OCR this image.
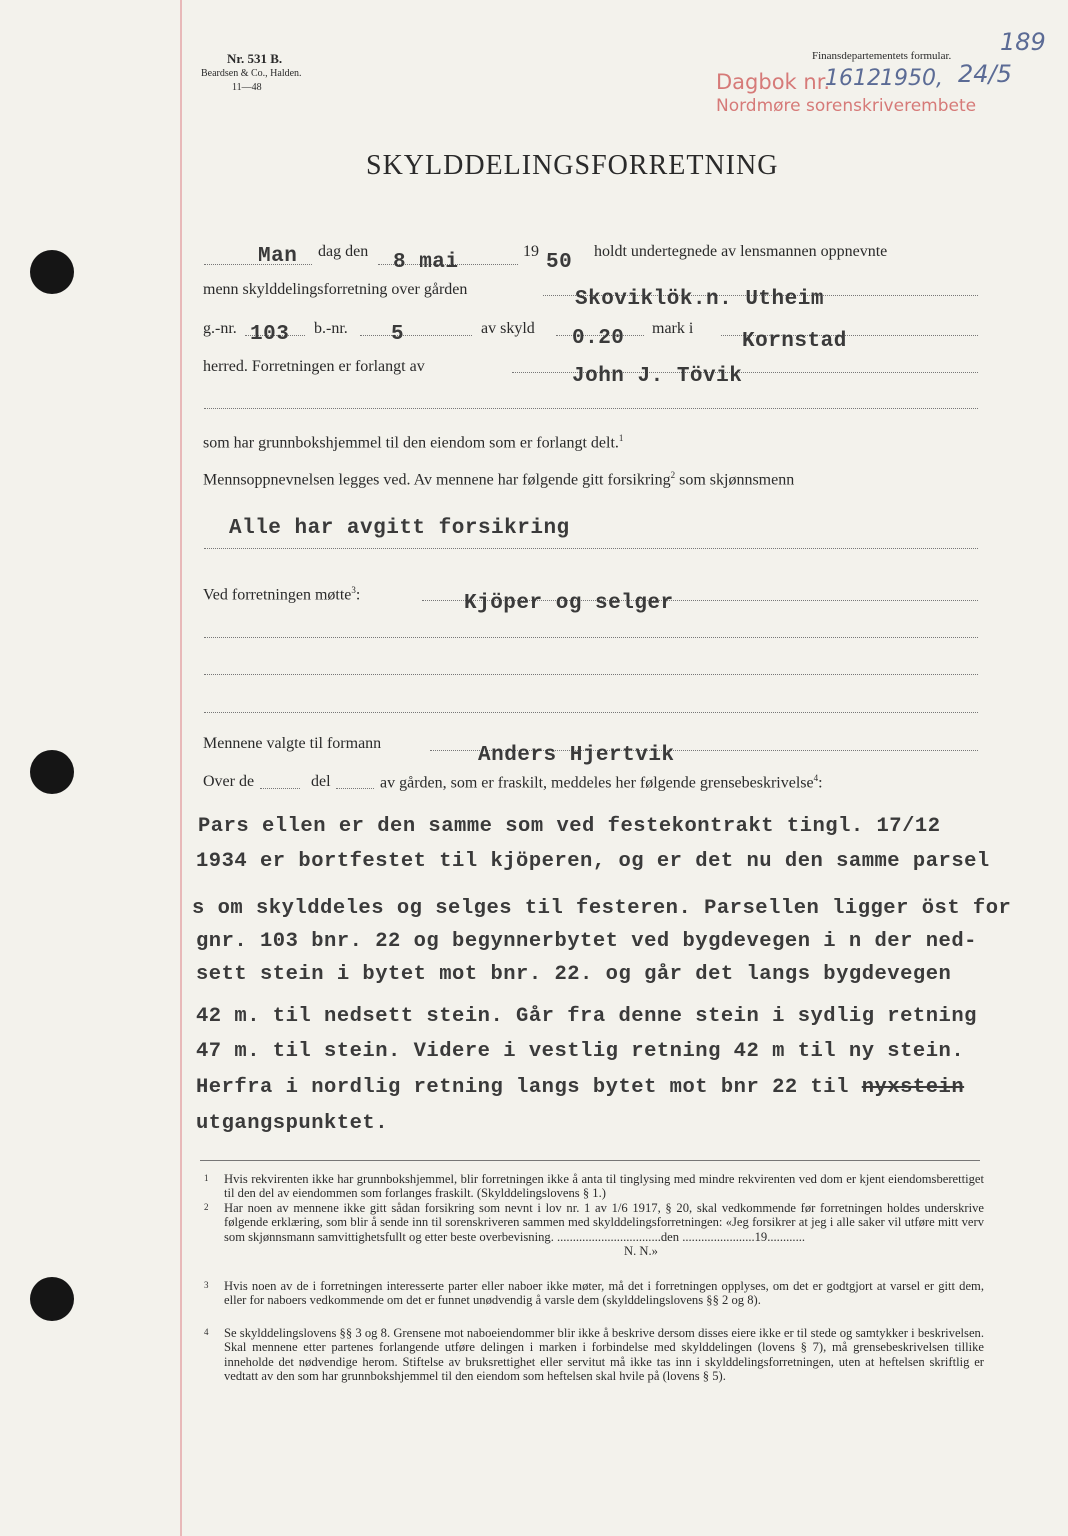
Nr. 531 B.
Beardsen & Co., Halden.
11—48
Finansdepartementets formular. 189
Dagbok nr.
1612 1950, 24/5
Nordmøre sorenskriverembete
SKYLDDELINGSFORRETNING
Man dag den 8 mai	19 50 holdt undertegnede av lensmannen oppnevnte
menn skylddelingsforretning over gården	Skoviklök.n. Utheim
g.-nr. 103 b.-nr. 5	av skyld 0.20 mark i
Kornstad
herred. Forretningen er forlangt av	John J. Tövik
som har grunnbokshjemmel til den eiendom som er forlangt delt.$^1$
Mennsoppnevnelsen legges ved. Av mennene har følgende gitt forsikring$^2$ som skjønnsmenn
Alle har avgitt forsikring
Ved forretningen møtte$^3$:	Kjöper og selger
Mennene valgte til formann
Anders Hjertvik
Over de	del	av gården, som er fraskilt, meddeles her følgende grensebeskrivelse$^4$:
Pars ellen er den samme som ved festekontrakt tingl. 17/12
1934 er bortfestet til kjöperen, og er det nu den samme parsel
s om skylddeles og selges til festeren. Parsellen ligger öst for
gnr. 103 bnr. 22 og begynnerbytet ved bygdevegen i n der ned-
sett stein i bytet mot bnr. 22. og går det langs bygdevegen
42 m. til nedsett stein. Går fra denne stein i sydlig retning
47 m. til stein. Videre i vestlig retning 42 m til ny stein.
Herfra i nordlig retning langs bytet mot bnr 22 til nyxstein
utgangspunktet.
1	Hvis rekvirenten ikke har grunnbokshjemmel, blir forretningen ikke å anta til tinglysing med mindre rekvirenten ved dom er kjent eiendomsberettiget til den del av eiendommen som forlanges fraskilt. (Skylddelingslovens § 1.)
2	Har noen av mennene ikke gitt sådan forsikring som nevnt i lov nr. 1 av 1/6 1917, § 20, skal vedkommende før forretningen holdes underskrive følgende erklæring, som blir å sende inn til sorenskriveren sammen med skylddelingsforretningen: «Jeg forsikrer at jeg i alle saker vil utføre mitt verv som skjønnsmann samvittighetsfullt og etter beste overbevisning. .................................den .......................19............
N. N.»
3	Hvis noen av de i forretningen interesserte parter eller naboer ikke møter, må det i forretningen opplyses, om det er godtgjort at varsel er gitt dem, eller for naboers vedkommende om det er funnet unødvendig å varsle dem (skylddelingslovens §§ 2 og 8).
4	Se skylddelingslovens §§ 3 og 8. Grensene mot naboeiendommer blir ikke å beskrive dersom disses eiere ikke er til stede og samtykker i beskrivelsen. Skal mennene etter partenes forlangende utføre delingen i marken i forbindelse med skylddelingen (lovens § 7), må grensebeskrivelsen tillike inneholde det nødvendige herom. Stiftelse av bruksrettighet eller servitut må ikke tas inn i skylddelingsforretningen, uten at heftelsen skriftlig er vedtatt av den som har grunnbokshjemmel til den eiendom som heftelsen skal hvile på (lovens § 5).
